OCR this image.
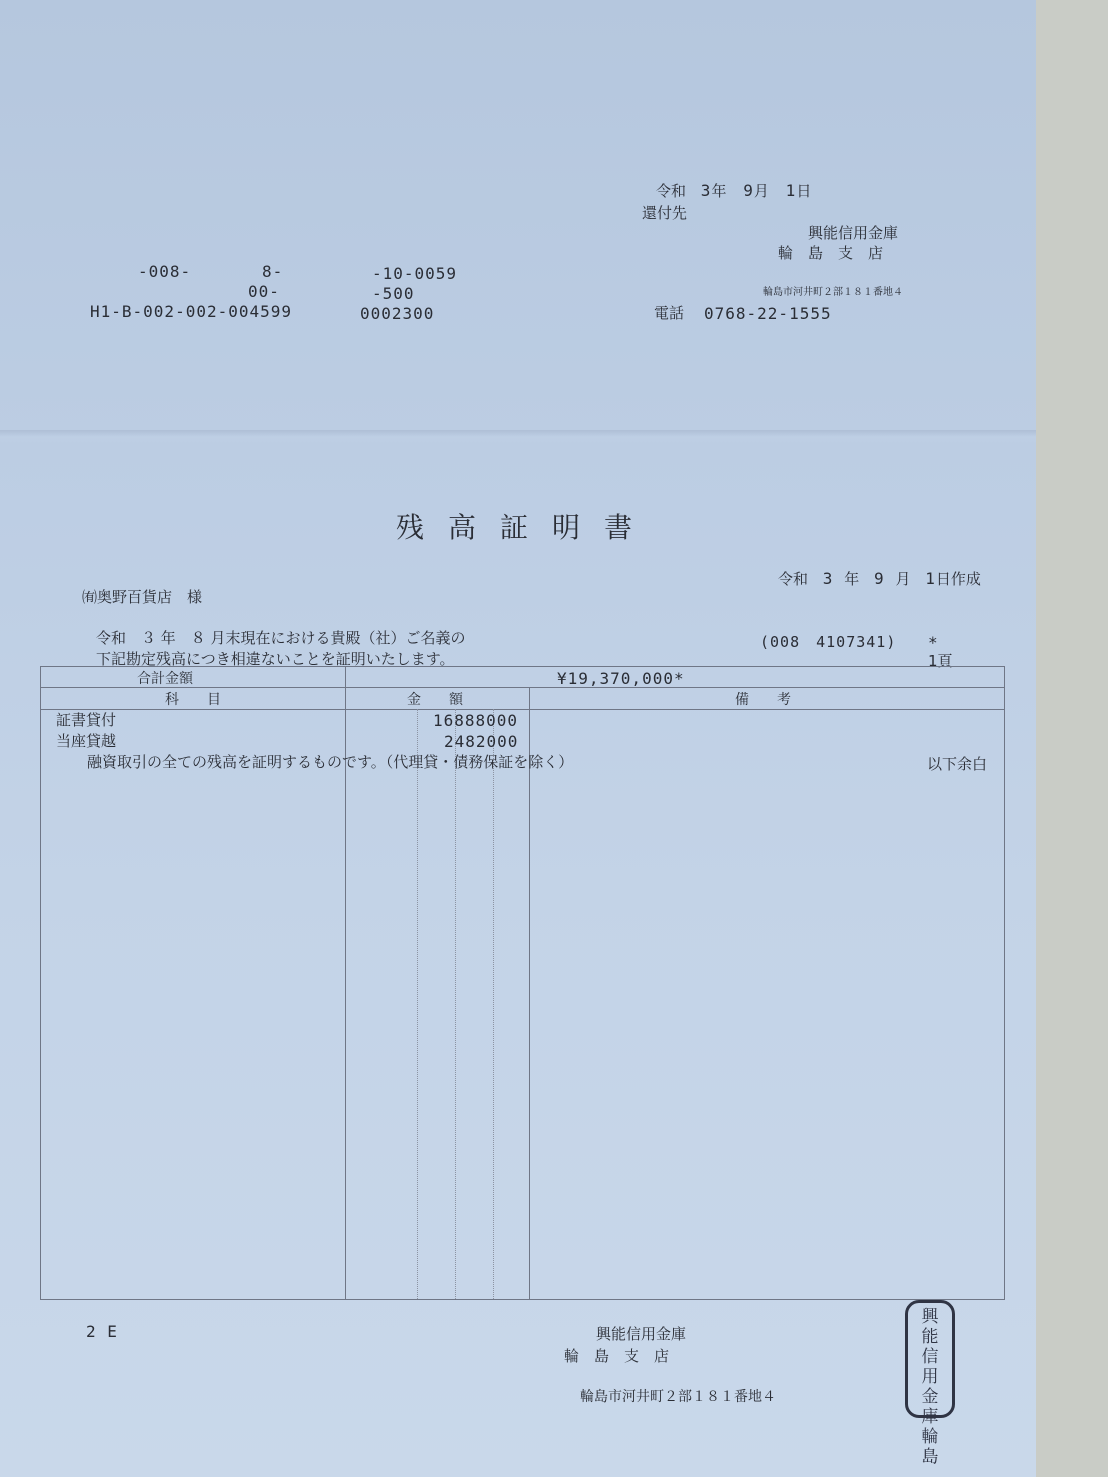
令和 3年 9月 1日
還付先
興能信用金庫
輪　島　支　店
輪島市河井町２部１８１番地４
電話 0768-22-1555
-008-	8-	-10-0059
00-	-500
H1-B-002-002-004599	0002300
残高証明書
令和 3 年 9 月 1日作成
㈲奥野百貨店　様
令和　３ 年　８ 月末現在における貴殿（社）ご名義の
下記勘定残高につき相違ないことを証明いたします。
(008　4107341) *
1頁
合計金額	¥19,370,000*
科　　目	金　　額	備　　考
証書貸付	16888000
当座貸越	2482000
融資取引の全ての残高を証明するものです。（代理貸・債務保証を除く）	以下余白
2 E	興能信用金庫
輪　島　支　店
輪島市河井町２部１８１番地４
興
能
信
用
金
庫
輪
島
